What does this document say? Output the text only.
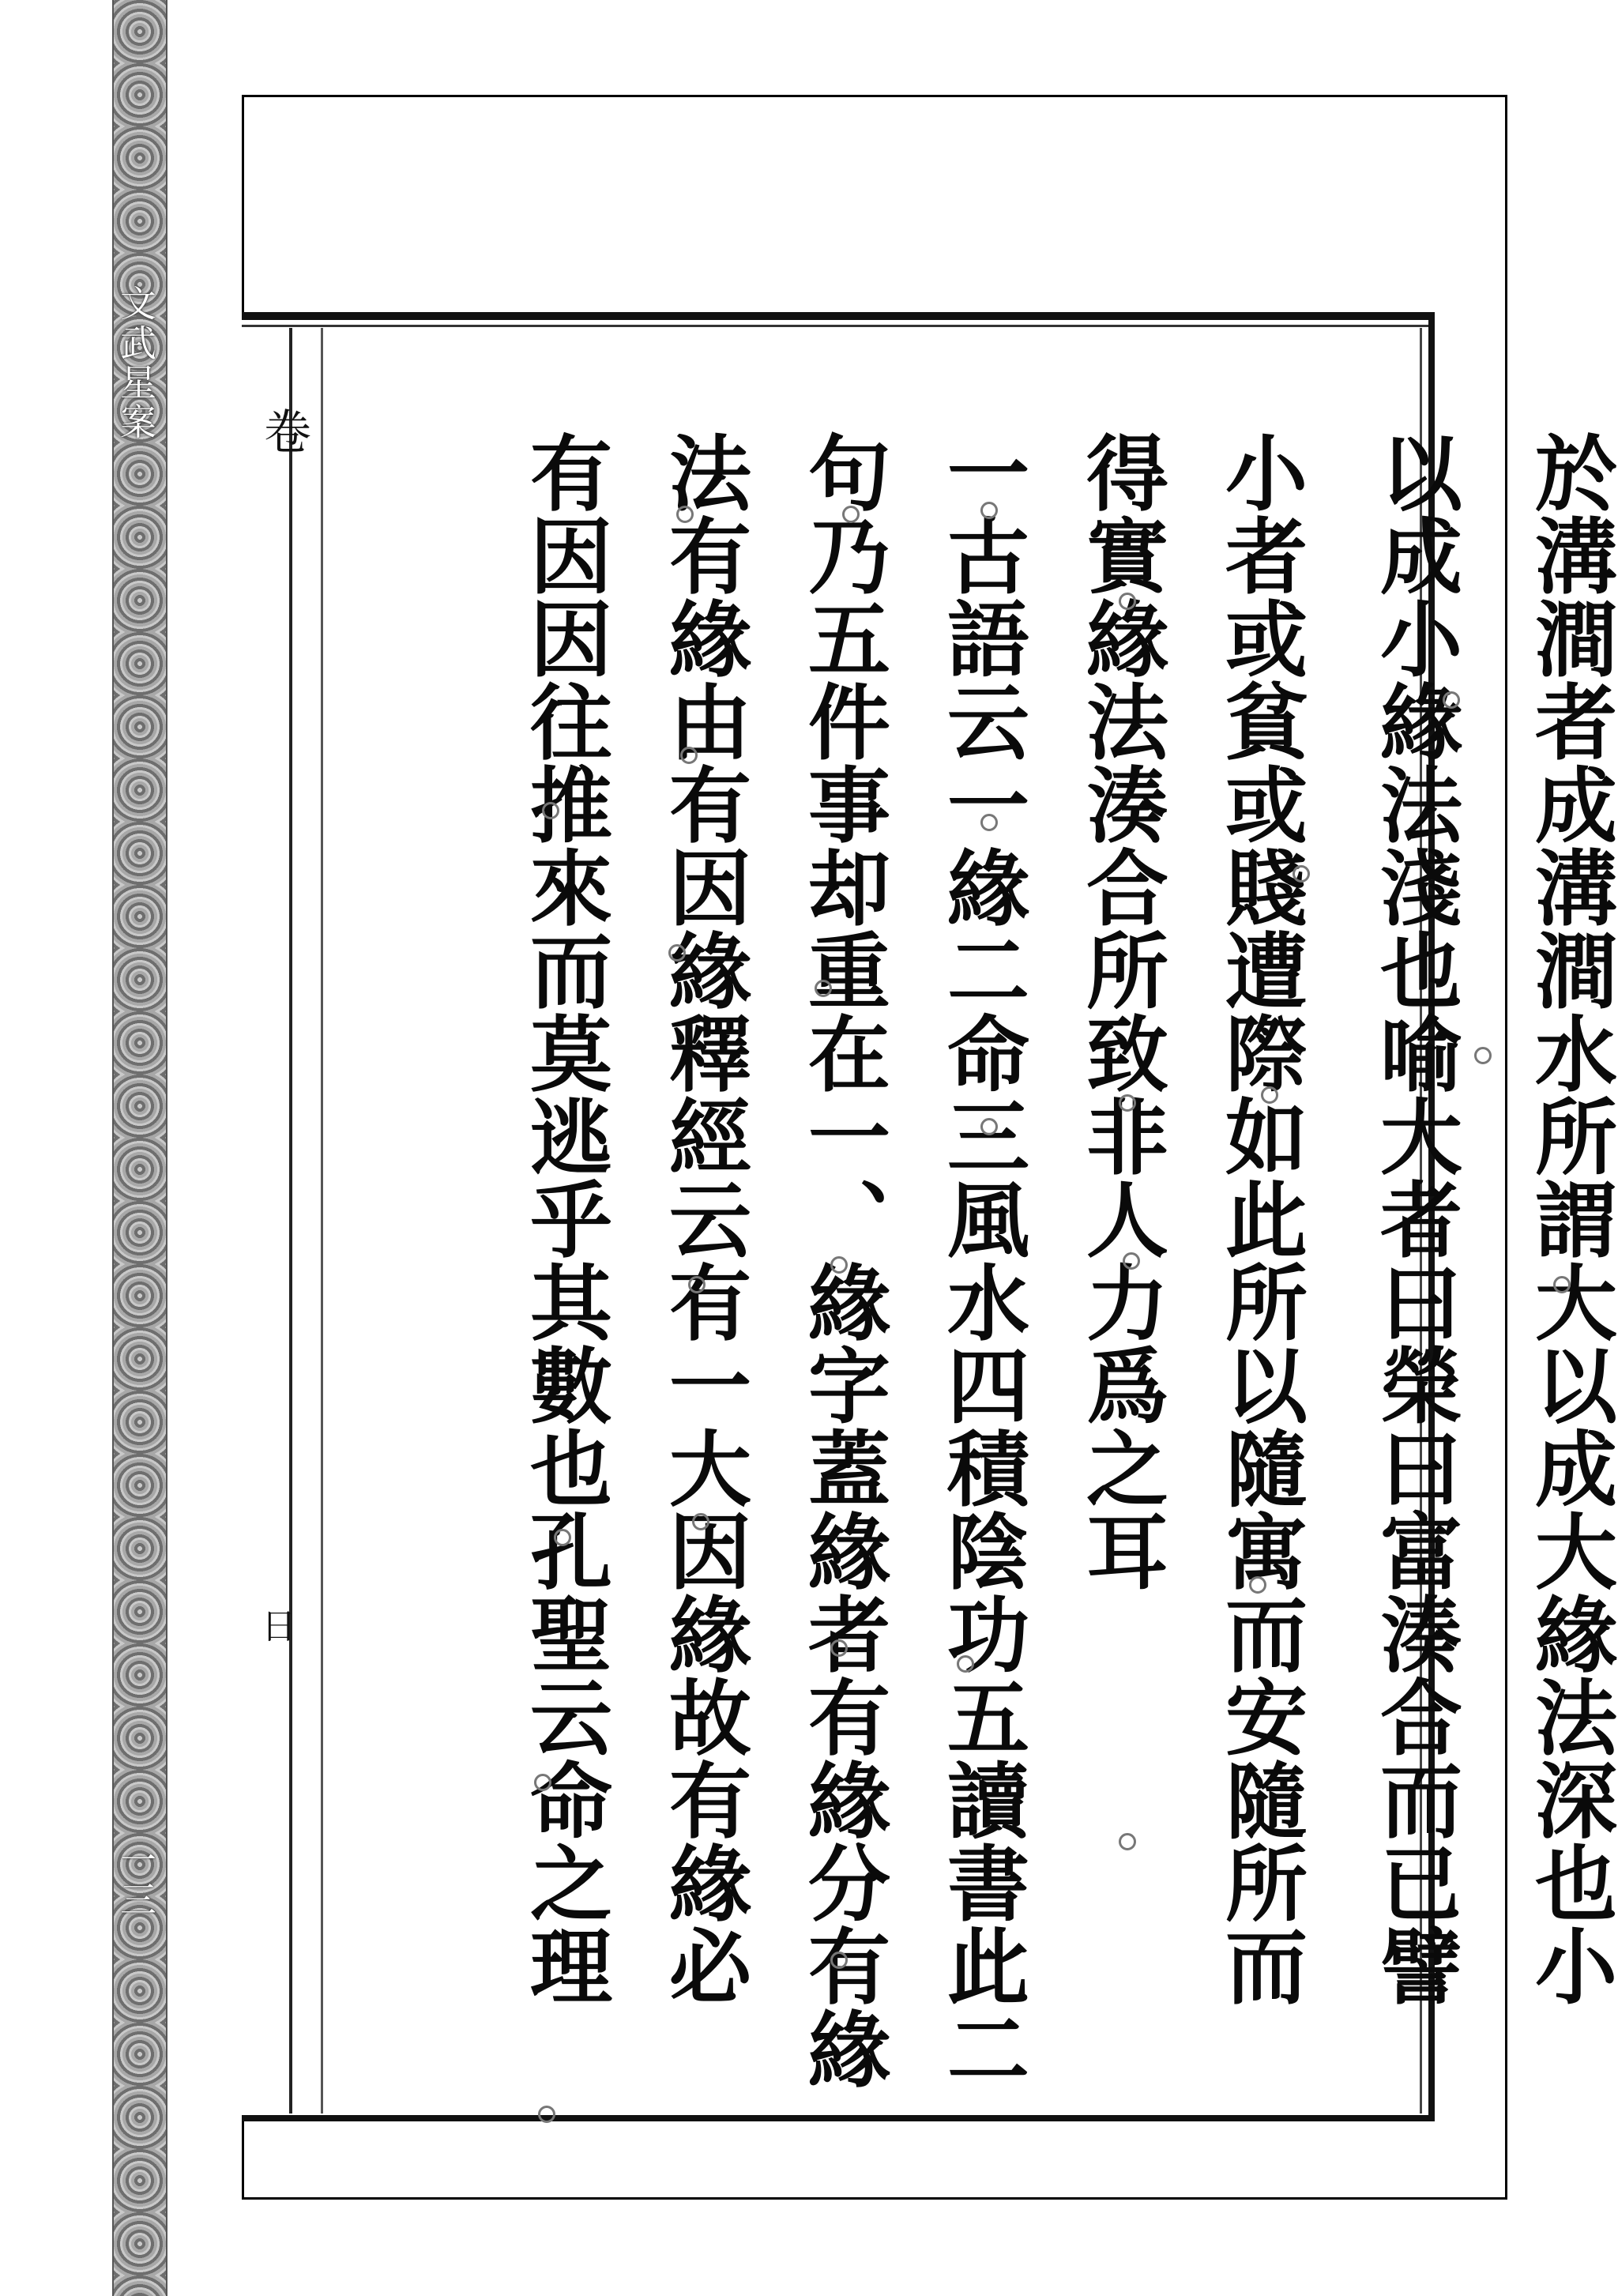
文武星案
一三
卷
日	於溝澗者成溝澗水所謂大以成大緣法深也小
以成小緣法淺也喻大者曰榮曰富湊合而已譬
小者或貧或賤遭際如此所以隨寓而安隨所而
得實緣法湊合所致非人力爲之耳
一古語云一緣二命三風水四積陰功五讀書此二
句乃五件事却重在一、緣字蓋緣者有緣分有緣
法有緣由有因緣釋經云有一大因緣故有緣必
有因因往推來而莫逃乎其數也孔聖云命之理
